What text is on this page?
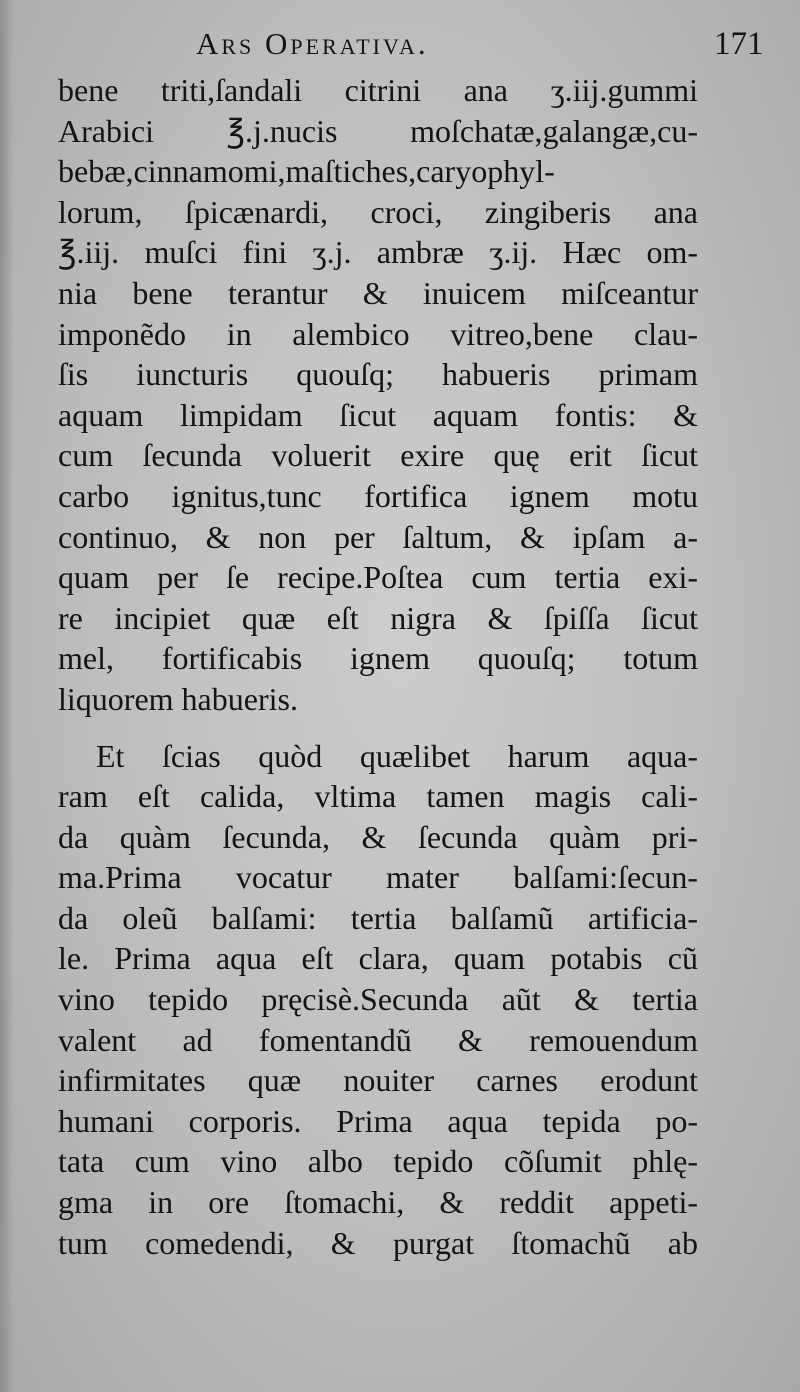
Ars Operativa.	171
bene triti,ſandali citrini ana ʒ.iij.gummi
Arabici ℥.j.nucis moſchatæ,galangæ,cu-
bebæ,cinnamomi,maſtiches,caryophyl-
lorum, ſpicænardi, croci, zingiberis ana
℥.iij. muſci fini ʒ.j. ambræ ʒ.ij. Hæc om-
nia bene terantur & inuicem miſceantur
imponẽdo in alembico vitreo,bene clau-
ſis iuncturis quouſq; habueris primam
aquam limpidam ſicut aquam fontis: &
cum ſecunda voluerit exire quę erit ſicut
carbo ignitus,tunc fortifica ignem motu
continuo, & non per ſaltum, & ipſam a-
quam per ſe recipe.Poſtea cum tertia exi-
re incipiet quæ eſt nigra & ſpiſſa ſicut
mel, fortificabis ignem quouſq; totum
liquorem habueris.
Et ſcias quòd quælibet harum aqua-
ram eſt calida, vltima tamen magis cali-
da quàm ſecunda, & ſecunda quàm pri-
ma.Prima vocatur mater balſami:ſecun-
da oleũ balſami: tertia balſamũ artificia-
le. Prima aqua eſt clara, quam potabis cũ
vino tepido pręcisè.Secunda aũt & tertia
valent ad fomentandũ & remouendum
infirmitates quæ nouiter carnes erodunt
humani corporis. Prima aqua tepida po-
tata cum vino albo tepido cõſumit phlę-
gma in ore ſtomachi, & reddit appeti-
tum comedendi, & purgat ſtomachũ ab
